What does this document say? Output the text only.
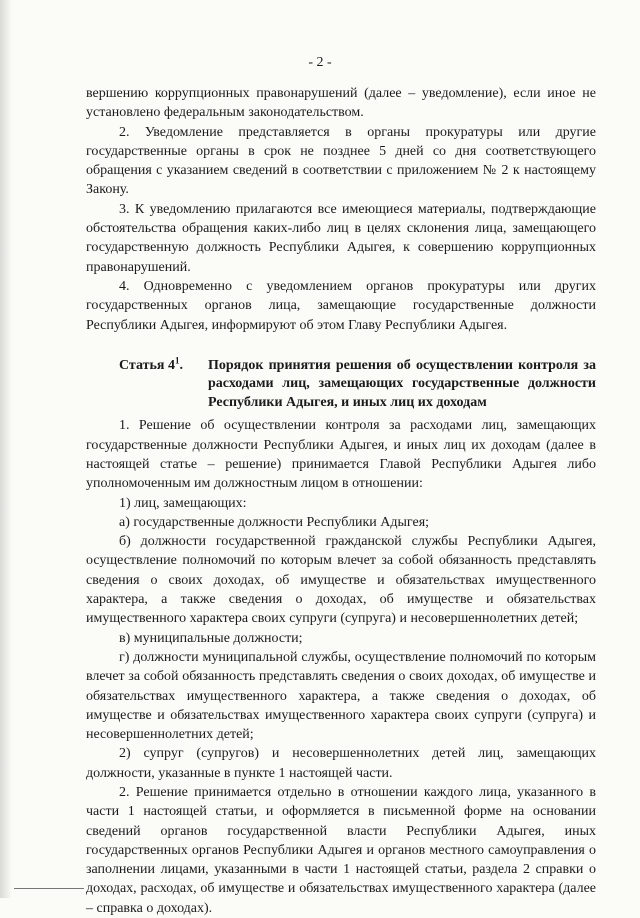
- 2 -

вершению коррупционных правонарушений (далее – уведомление), если иное не установлено федеральным законодательством.

2. Уведомление представляется в органы прокуратуры или другие государственные органы в срок не позднее 5 дней со дня соответствующего обращения с указанием сведений в соответствии с приложением № 2 к настоящему Закону.

3. К уведомлению прилагаются все имеющиеся материалы, подтверждающие обстоятельства обращения каких-либо лиц в целях склонения лица, замещающего государственную должность Республики Адыгея, к совершению коррупционных правонарушений.

4. Одновременно с уведомлением органов прокуратуры или других государственных органов лица, замещающие государственные должности Республики Адыгея, информируют об этом Главу Республики Адыгея.

Статья $4^1$.	Порядок принятия решения об осуществлении контроля за расходами лиц, замещающих государственные должности Республики Адыгея, и иных лиц их доходам

1. Решение об осуществлении контроля за расходами лиц, замещающих государственные должности Республики Адыгея, и иных лиц их доходам (далее в настоящей статье – решение) принимается Главой Республики Адыгея либо уполномоченным им должностным лицом в отношении:

1) лиц, замещающих:

а) государственные должности Республики Адыгея;

б) должности государственной гражданской службы Республики Адыгея, осуществление полномочий по которым влечет за собой обязанность представлять сведения о своих доходах, об имуществе и обязательствах имущественного характера, а также сведения о доходах, об имуществе и обязательствах имущественного характера своих супруги (супруга) и несовершеннолетних детей;

в) муниципальные должности;

г) должности муниципальной службы, осуществление полномочий по которым влечет за собой обязанность представлять сведения о своих доходах, об имуществе и обязательствах имущественного характера, а также сведения о доходах, об имуществе и обязательствах имущественного характера своих супруги (супруга) и несовершеннолетних детей;

2) супруг (супругов) и несовершеннолетних детей лиц, замещающих должности, указанные в пункте 1 настоящей части.

2. Решение принимается отдельно в отношении каждого лица, указанного в части 1 настоящей статьи, и оформляется в письменной форме на основании сведений органов государственной власти Республики Адыгея, иных государственных органов Республики Адыгея и органов местного самоуправления о заполнении лицами, указанными в части 1 настоящей статьи, раздела 2 справки о доходах, расходах, об имуществе и обязательствах имущественного характера (далее – справка о доходах).
